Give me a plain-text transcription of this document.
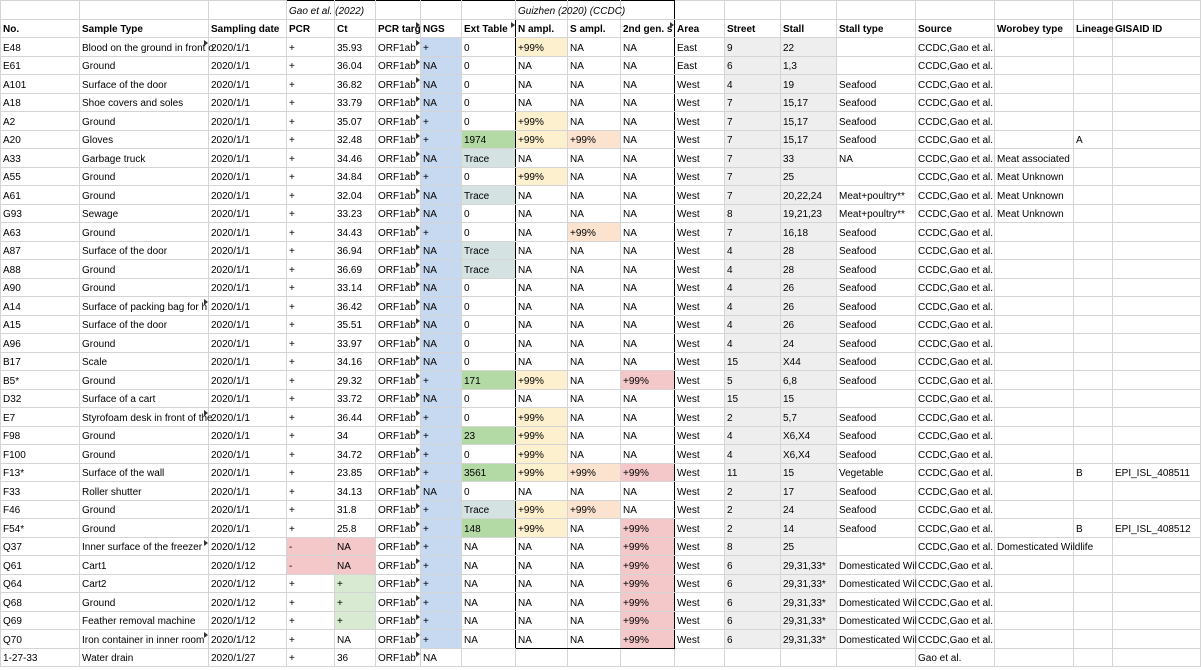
			Gao et al. (2022)					Guizhen (2020) (CCDC)										
No.	Sample Type	Sampling date	PCR	Ct	PCR targ	NGS	Ext Table	N ampl.	S ampl.	2nd gen. s	Area	Street	Stall	Stall type	Source	Worobey type	Lineage	GISAID ID
E48	Blood on the ground in front o	2020/1/1	+	35.93	ORF1ab	+	0	+99%	NA	NA	East	9	22		CCDC,Gao et al.			
E61	Ground	2020/1/1	+	36.04	ORF1ab	NA	0	NA	NA	NA	East	6	1,3		CCDC,Gao et al.			
A101	Surface of the door	2020/1/1	+	36.82	ORF1ab	NA	0	NA	NA	NA	West	4	19	Seafood	CCDC,Gao et al.			
A18	Shoe covers and soles	2020/1/1	+	33.79	ORF1ab	NA	0	NA	NA	NA	West	7	15,17	Seafood	CCDC,Gao et al.			
A2	Ground	2020/1/1	+	35.07	ORF1ab	+	0	+99%	NA	NA	West	7	15,17	Seafood	CCDC,Gao et al.			
A20	Gloves	2020/1/1	+	32.48	ORF1ab	+	1974	+99%	+99%	NA	West	7	15,17	Seafood	CCDC,Gao et al.		A	
A33	Garbage truck	2020/1/1	+	34.46	ORF1ab	NA	Trace	NA	NA	NA	West	7	33	NA	CCDC,Gao et al.	Meat associated		
A55	Ground	2020/1/1	+	34.84	ORF1ab	+	0	+99%	NA	NA	West	7	25		CCDC,Gao et al.	Meat Unknown		
A61	Ground	2020/1/1	+	32.04	ORF1ab	NA	Trace	NA	NA	NA	West	7	20,22,24	Meat+poultry**	CCDC,Gao et al.	Meat Unknown		
G93	Sewage	2020/1/1	+	33.23	ORF1ab	NA	0	NA	NA	NA	West	8	19,21,23	Meat+poultry**	CCDC,Gao et al.	Meat Unknown		
A63	Ground	2020/1/1	+	34.43	ORF1ab	+	0	NA	+99%	NA	West	7	16,18	Seafood	CCDC,Gao et al.			
A87	Surface of the door	2020/1/1	+	36.94	ORF1ab	NA	Trace	NA	NA	NA	West	4	28	Seafood	CCDC,Gao et al.			
A88	Ground	2020/1/1	+	36.69	ORF1ab	NA	Trace	NA	NA	NA	West	4	28	Seafood	CCDC,Gao et al.			
A90	Ground	2020/1/1	+	33.14	ORF1ab	NA	0	NA	NA	NA	West	4	26	Seafood	CCDC,Gao et al.			
A14	Surface of packing bag for h	2020/1/1	+	36.42	ORF1ab	NA	0	NA	NA	NA	West	4	26	Seafood	CCDC,Gao et al.			
A15	Surface of the door	2020/1/1	+	35.51	ORF1ab	NA	0	NA	NA	NA	West	4	26	Seafood	CCDC,Gao et al.			
A96	Ground	2020/1/1	+	33.97	ORF1ab	NA	0	NA	NA	NA	West	4	24	Seafood	CCDC,Gao et al.			
B17	Scale	2020/1/1	+	34.16	ORF1ab	NA	0	NA	NA	NA	West	15	X44	Seafood	CCDC,Gao et al.			
B5*	Ground	2020/1/1	+	29.32	ORF1ab	+	171	+99%	NA	+99%	West	5	6,8	Seafood	CCDC,Gao et al.			
D32	Surface of a cart	2020/1/1	+	33.72	ORF1ab	NA	0	NA	NA	NA	West	15	15		CCDC,Gao et al.			
E7	Styrofoam desk in front of the	2020/1/1	+	36.44	ORF1ab	+	0	+99%	NA	NA	West	2	5,7	Seafood	CCDC,Gao et al.			
F98	Ground	2020/1/1	+	34	ORF1ab	+	23	+99%	NA	NA	West	4	X6,X4	Seafood	CCDC,Gao et al.			
F100	Ground	2020/1/1	+	34.72	ORF1ab	+	0	+99%	NA	NA	West	4	X6,X4	Seafood	CCDC,Gao et al.			
F13*	Surface of the wall	2020/1/1	+	23.85	ORF1ab	+	3561	+99%	+99%	+99%	West	11	15	Vegetable	CCDC,Gao et al.		B	EPI_ISL_408511
F33	Roller shutter	2020/1/1	+	34.13	ORF1ab	NA	0	NA	NA	NA	West	2	17	Seafood	CCDC,Gao et al.			
F46	Ground	2020/1/1	+	31.8	ORF1ab	+	Trace	+99%	+99%	NA	West	2	24	Seafood	CCDC,Gao et al.			
F54*	Ground	2020/1/1	+	25.8	ORF1ab	+	148	+99%	NA	+99%	West	2	14	Seafood	CCDC,Gao et al.		B	EPI_ISL_408512
Q37	Inner surface of the freezer	2020/1/12	-	NA	ORF1ab	+	NA	NA	NA	+99%	West	8	25		CCDC,Gao et al.	Domesticated Wildlife		
Q61	Cart1	2020/1/12	-	NA	ORF1ab	+	NA	NA	NA	+99%	West	6	29,31,33*	Domesticated Wil	CCDC,Gao et al.			
Q64	Cart2	2020/1/12	+	+	ORF1ab	+	NA	NA	NA	+99%	West	6	29,31,33*	Domesticated Wil	CCDC,Gao et al.			
Q68	Ground	2020/1/12	+	+	ORF1ab	+	NA	NA	NA	+99%	West	6	29,31,33*	Domesticated Wil	CCDC,Gao et al.			
Q69	Feather removal machine	2020/1/12	+	+	ORF1ab	+	NA	NA	NA	+99%	West	6	29,31,33*	Domesticated Wil	CCDC,Gao et al.			
Q70	Iron container in inner room	2020/1/12	+	NA	ORF1ab	+	NA	NA	NA	+99%	West	6	29,31,33*	Domesticated Wil	CCDC,Gao et al.			
1-27-33	Water drain	2020/1/27	+	36	ORF1ab	NA									Gao et al.			
